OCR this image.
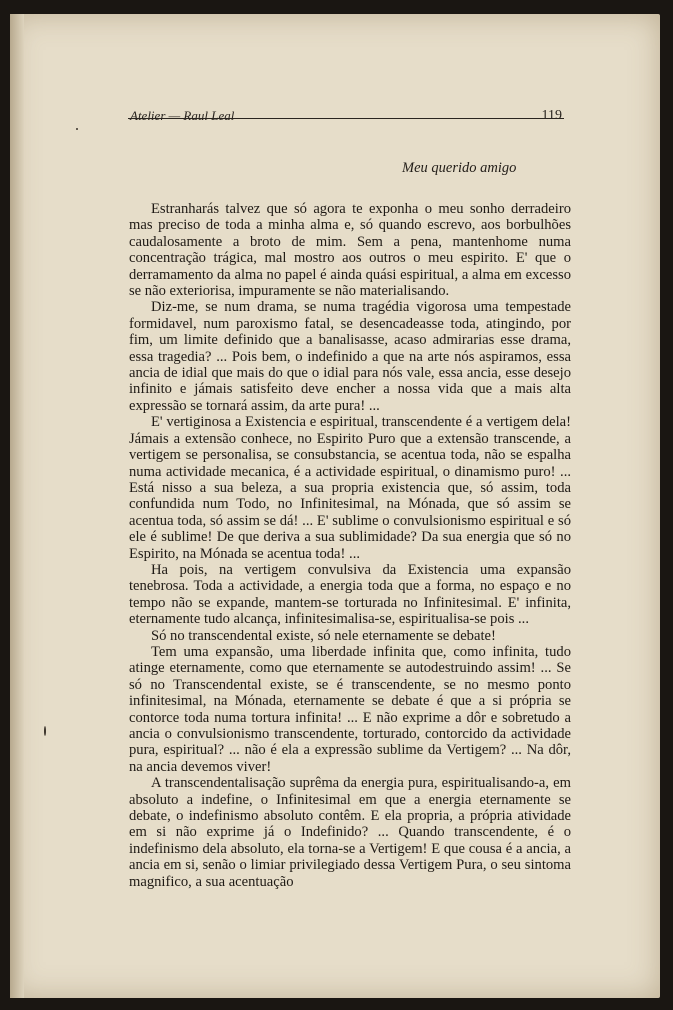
Atelier — Raul Leal	119
Meu querido amigo

Estranharás talvez que só agora te exponha o meu sonho derradeiro mas preciso de toda a minha alma e, só quando escrevo, aos borbulhões caudalosamente a broto de mim. Sem a pena, mantenhome numa concentração trágica, mal mostro aos outros o meu espirito. E' que o derramamento da alma no papel é ainda quási espiritual, a alma em excesso se não exteriorisa, impuramente se não materialisando.

Diz-me, se num drama, se numa tragédia vigorosa uma tempestade formidavel, num paroxismo fatal, se desencadeasse toda, atingindo, por fim, um limite definido que a banalisasse, acaso admirarias esse drama, essa tragedia? ... Pois bem, o indefinido a que na arte nós aspiramos, essa ancia de idial que mais do que o idial para nós vale, essa ancia, esse desejo infinito e jámais satisfeito deve encher a nossa vida que a mais alta expressão se tornará assim, da arte pura! ...

E' vertiginosa a Existencia e espiritual, transcendente é a vertigem dela! Jámais a extensão conhece, no Espirito Puro que a extensão transcende, a vertigem se personalisa, se consubstancia, se acentua toda, não se espalha numa actividade mecanica, é a actividade espiritual, o dinamismo puro! ... Está nisso a sua beleza, a sua propria existencia que, só assim, toda confundida num Todo, no Infinitesimal, na Mónada, que só assim se acentua toda, só assim se dá! ... E' sublime o convulsionismo espiritual e só ele é sublime! De que deriva a sua sublimidade? Da sua energia que só no Espirito, na Mónada se acentua toda! ...

Ha pois, na vertigem convulsiva da Existencia uma expansão tenebrosa. Toda a actividade, a energia toda que a forma, no espaço e no tempo não se expande, mantem-se torturada no Infinitesimal. E' infinita, eternamente tudo alcança, infinitesimalisa-se, espiritualisa-se pois ...

Só no transcendental existe, só nele eternamente se debate!

Tem uma expansão, uma liberdade infinita que, como infinita, tudo atinge eternamente, como que eternamente se autodestruindo assim! ... Se só no Transcendental existe, se é transcendente, se no mesmo ponto infinitesimal, na Mónada, eternamente se debate é que a si própria se contorce toda numa tortura infinita! ... E não exprime a dôr e sobretudo a ancia o convulsionismo transcendente, torturado, contorcido da actividade pura, espiritual? ... não é ela a expressão sublime da Vertigem? ... Na dôr, na ancia devemos viver!

A transcendentalisação suprêma da energia pura, espiritualisando-a, em absoluto a indefine, o Infinitesimal em que a energia eternamente se debate, o indefinismo absoluto contêm. E ela propria, a própria atividade em si não exprime já o Indefinido? ... Quando transcendente, é o indefinismo dela absoluto, ela torna-se a Vertigem! E que cousa é a ancia, a ancia em si, senão o limiar privilegiado dessa Vertigem Pura, o seu sintoma magnifico, a sua acentuação
